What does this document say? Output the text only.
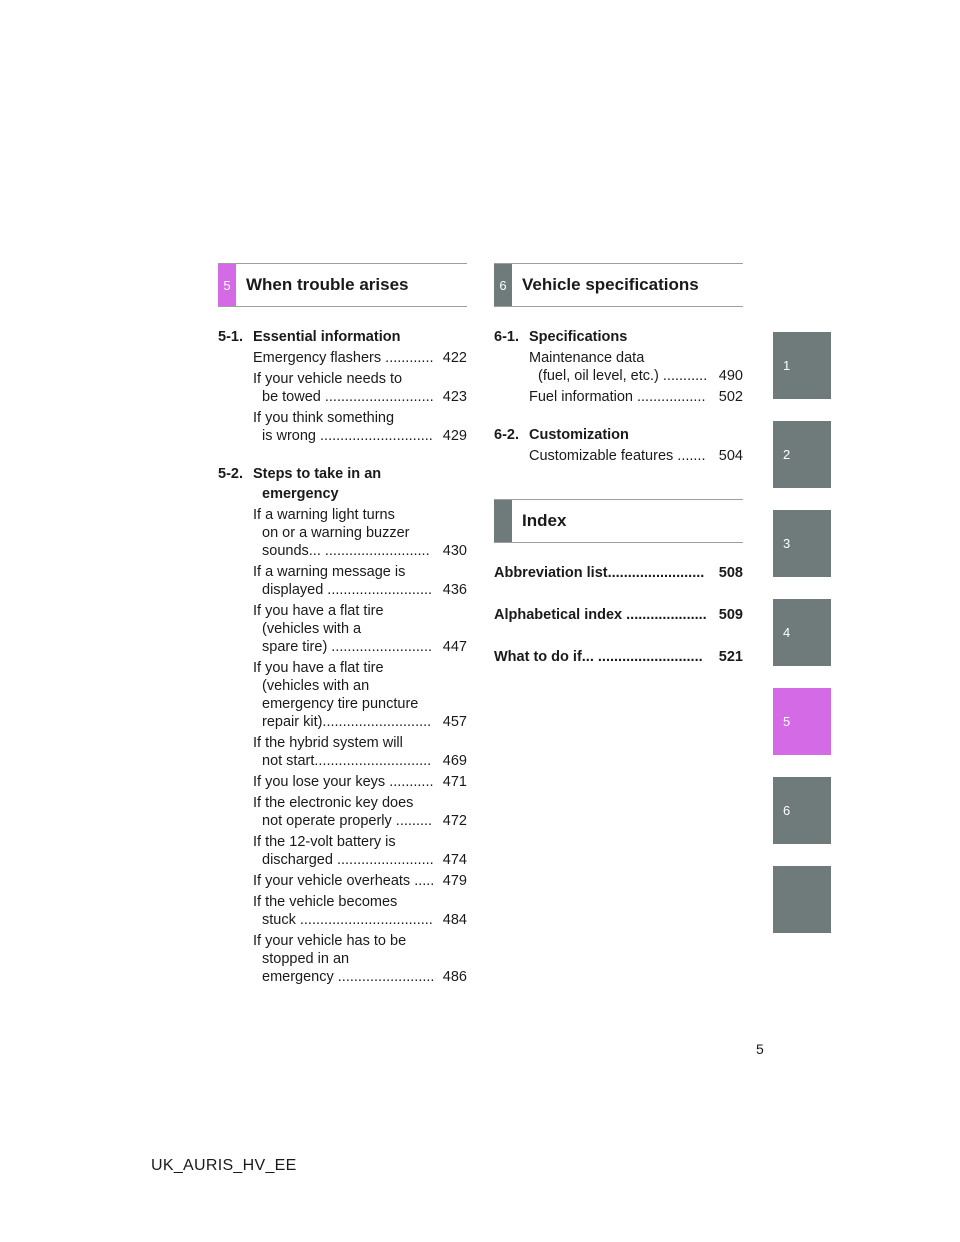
5 When trouble arises
5-1. Essential information
Emergency flashers ............ 422
If your vehicle needs to
be towed ........................... 423
If you think something
is wrong ............................ 429
5-2. Steps to take in an
emergency
If a warning light turns
on or a warning buzzer
sounds... .......................... 430
If a warning message is
displayed .......................... 436
If you have a flat tire
(vehicles with a
spare tire) ......................... 447
If you have a flat tire
(vehicles with an
emergency tire puncture
repair kit)........................... 457
If the hybrid system will
not start............................. 469
If you lose your keys ........... 471
If the electronic key does
not operate properly ......... 472
If the 12-volt battery is
discharged ........................ 474
If your vehicle overheats ..... 479
If the vehicle becomes
stuck ................................. 484
If your vehicle has to be
stopped in an
emergency ........................ 486
6 Vehicle specifications
6-1. Specifications
Maintenance data
(fuel, oil level, etc.) ........... 490
Fuel information ................. 502
6-2. Customization
Customizable features ....... 504
Index
Abbreviation list........................ 508
Alphabetical index .................... 509
What to do if... .......................... 521
1
2
3
4
5
6
5
UK_AURIS_HV_EE
